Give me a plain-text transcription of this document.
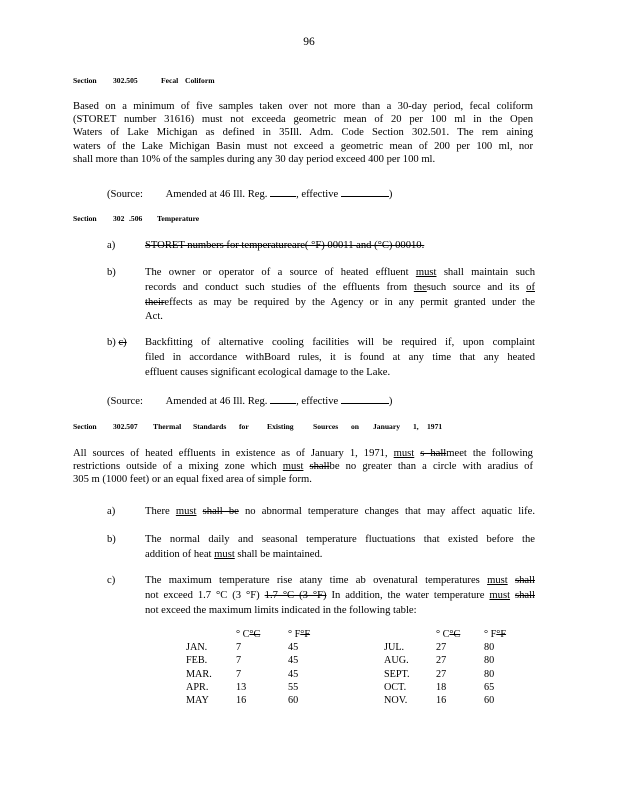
96
Section 302.505	Fecal Coliform
Based on a minimum of five samples taken over not more than a 30-day period, fecal coliform
(STORET number 31616) must not exceeda geometric mean of 20 per 100 ml in the Open
Waters of Lake Michigan as defined in 35Ill. Adm. Code Section 302.501. The rem aining
waters of the Lake Michigan Basin must not exceed a geometric mean of 200 per 100 ml, nor
shall more than 10% of the samples during any 30 day period exceed 400 per 100 ml.
(Source: Amended at 46 Ill. Reg.	, effective	)
Section 302 .506 Temperature
a)	STORET numbers for temperatureare( °F) 00011 and (°C) 00010.
b)	The owner or operator of a source of heated effluent must shall maintain such
records and conduct such studies of the effluents from thesuch source and its of
theireffects as may be required by the Agency or in any permit granted under the
Act.
b) c) Backfitting of alternative cooling facilities will be required if, upon complaint
filed in accordance withBoard rules, it is found at any time that any heated
effluent causes significant ecological damage to the Lake.
(Source: Amended at 46 Ill. Reg.	, effective	)
Section 302.507 Thermal Standards for Existing	Sources on January 1, 1971
All sources of heated effluents in existence as of January 1, 1971, must s hallmeet the following
restrictions outside of a mixing zone which must shallbe no greater than a circle with aradius of
305 m (1000 feet) or an equal fixed area of simple form.
a)	There must shall be no abnormal temperature changes that may affect aquatic life.
b)	The normal daily and seasonal temperature fluctuations that existed before the
addition of heat must shall be maintained.
c)	The maximum temperature rise atany time ab ovenatural temperatures must shall
not exceed 1.7 °C (3 °F) 1.7 °C (3 °F) In addition, the water temperature must shall
not exceed the maximum limits indicated in the following table:
	° C°C	° F°F		° C°C	° F°F
JAN.	7	45	JUL.	27	80
FEB.	7	45	AUG.	27	80
MAR.	7	45	SEPT.	27	80
APR.	13	55	OCT.	18	65
MAY	16	60	NOV.	16	60
